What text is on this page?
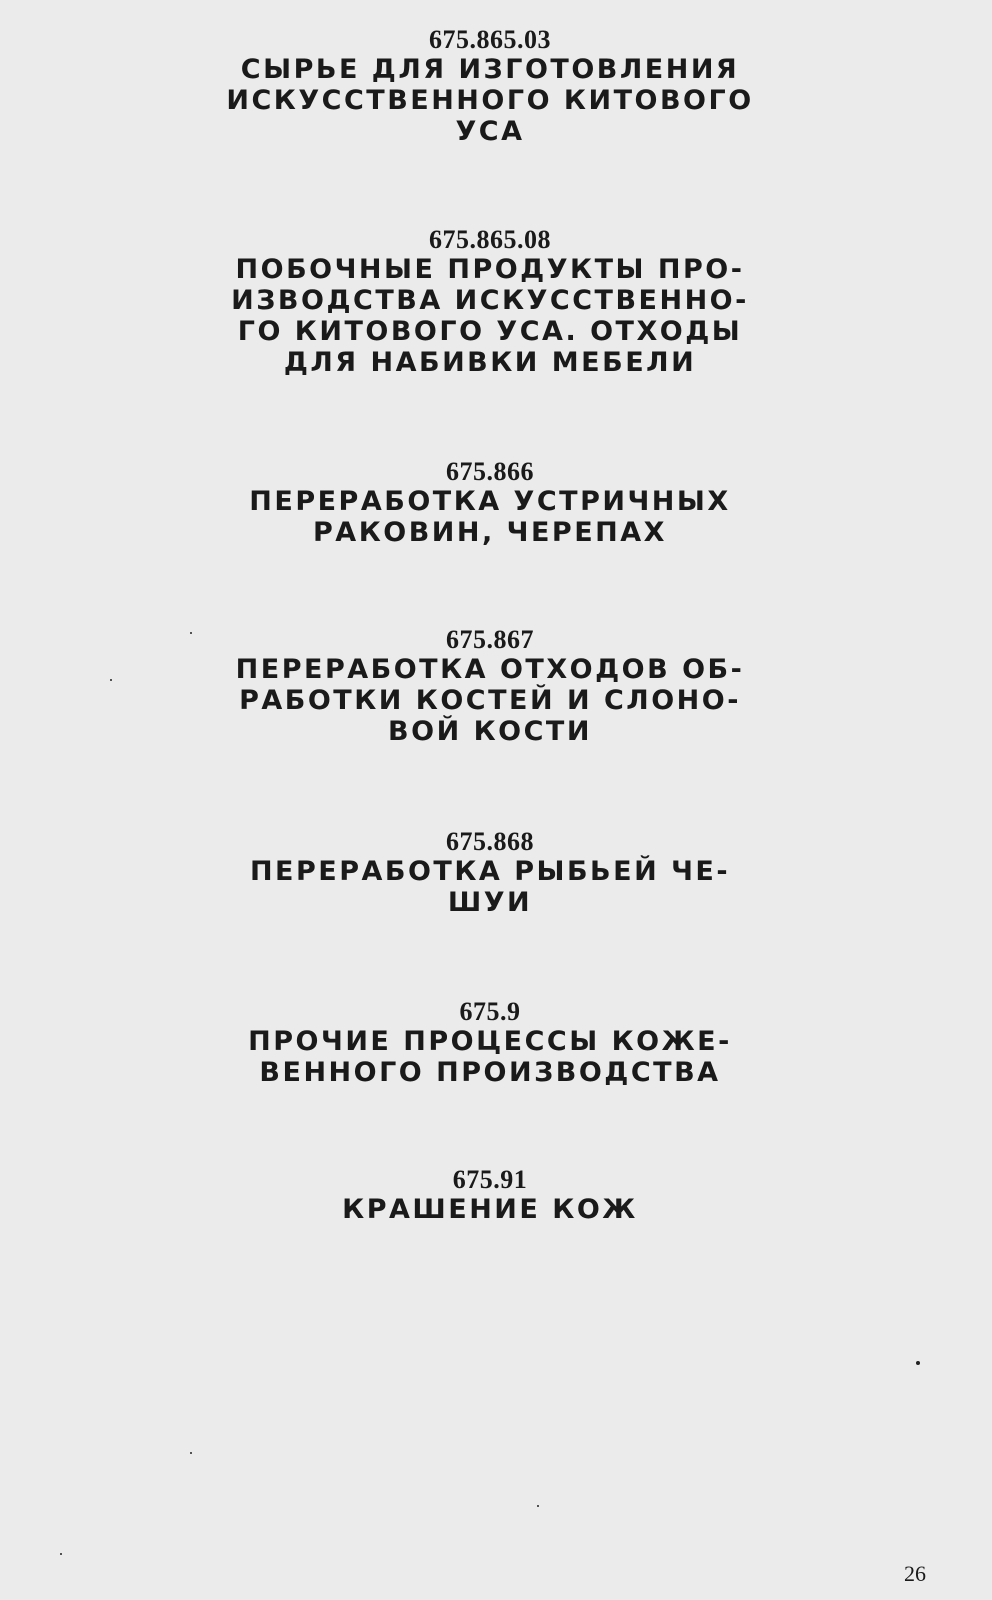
675.865.03
СЫРЬЕ ДЛЯ ИЗГОТОВЛЕНИЯ
ИСКУССТВЕННОГО КИТОВОГО
УСА
675.865.08
ПОБОЧНЫЕ ПРОДУКТЫ ПРО-
ИЗВОДСТВА ИСКУССТВЕННО-
ГО КИТОВОГО УСА. ОТХОДЫ
ДЛЯ НАБИВКИ МЕБЕЛИ
675.866
ПЕРЕРАБОТКА УСТРИЧНЫХ
РАКОВИН, ЧЕРЕПАХ
675.867
ПЕРЕРАБОТКА ОТХОДОВ ОБ-
РАБОТКИ КОСТЕЙ И СЛОНО-
ВОЙ КОСТИ
675.868
ПЕРЕРАБОТКА РЫБЬЕЙ ЧЕ-
ШУИ
675.9
ПРОЧИЕ ПРОЦЕССЫ КОЖЕ-
ВЕННОГО ПРОИЗВОДСТВА
675.91
КРАШЕНИЕ КОЖ
26
